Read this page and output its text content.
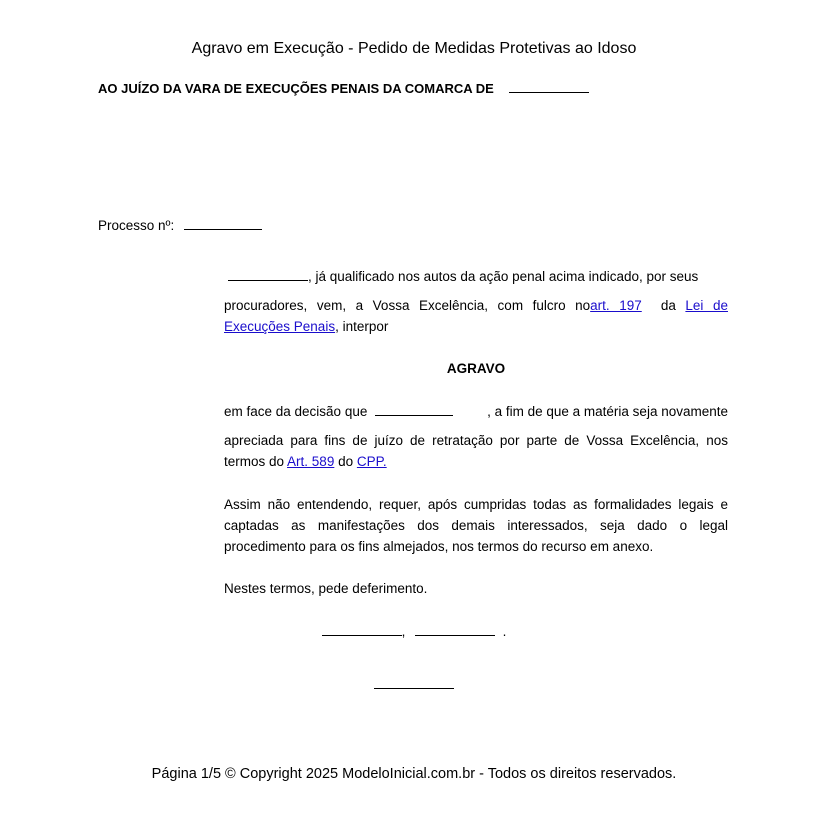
Agravo em Execução - Pedido de Medidas Protetivas ao Idoso
AO JUÍZO DA VARA DE EXECUÇÕES PENAIS DA COMARCA DE
Processo nº:
, já qualificado nos autos da ação penal acima indicado, por seus
procuradores, vem, a Vossa Excelência, com fulcro noart. 197 da Lei de
Execuções Penais, interpor
AGRAVO
em face da decisão que	, a fim de que a matéria seja novamente
apreciada para fins de juízo de retratação por parte de Vossa Excelência, nos
termos do Art. 589 do CPP.
Assim não entendendo, requer, após cumpridas todas as formalidades legais e captadas as manifestações dos demais interessados, seja dado o legal procedimento para os fins almejados, nos termos do recurso em anexo.
Nestes termos, pede deferimento.
,	.
Página 1/5 © Copyright 2025 ModeloInicial.com.br - Todos os direitos reservados.
